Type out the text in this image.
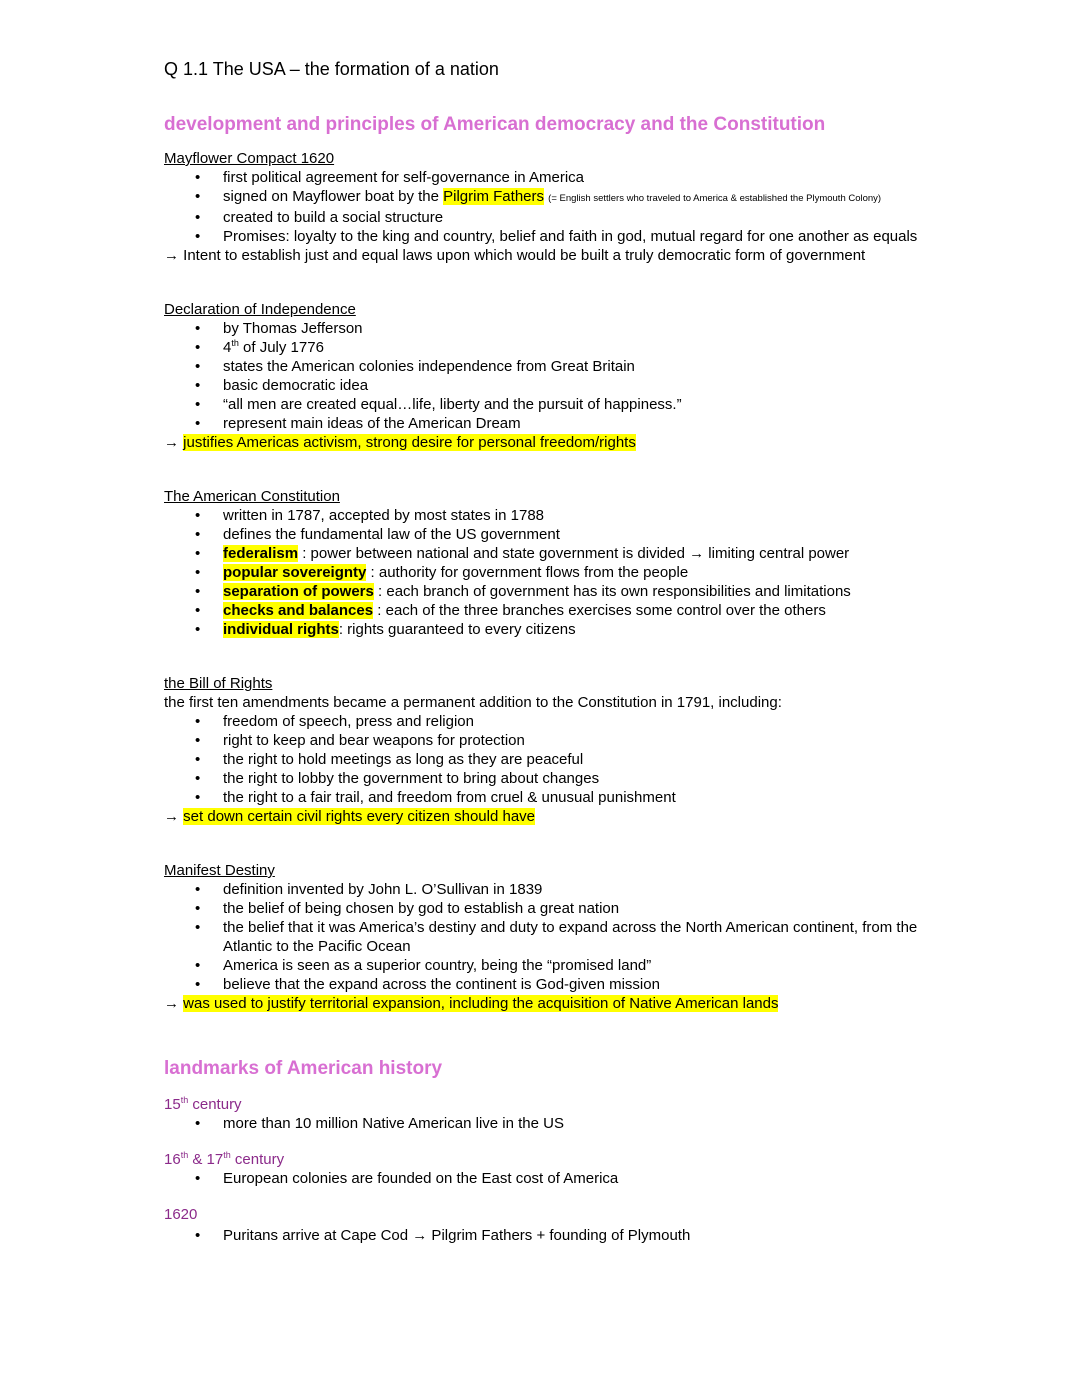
Q 1.1 The USA – the formation of a nation
development and principles of American democracy and the Constitution

Mayflower Compact 1620

• first political agreement for self-governance in America
• signed on Mayflower boat by the Pilgrim Fathers (= English settlers who traveled to America & established the Plymouth Colony)
• created to build a social structure
• Promises: loyalty to the king and country, belief and faith in god, mutual regard for one another as equals

→ Intent to establish just and equal laws upon which would be built a truly democratic form of government

Declaration of Independence

• by Thomas Jefferson
• 4th of July 1776
• states the American colonies independence from Great Britain
• basic democratic idea
• “all men are created equal…life, liberty and the pursuit of happiness.”
• represent main ideas of the American Dream

→ justifies Americas activism, strong desire for personal freedom/rights

The American Constitution

• written in 1787, accepted by most states in 1788
• defines the fundamental law of the US government
• federalism : power between national and state government is divided → limiting central power
• popular sovereignty : authority for government flows from the people
• separation of powers : each branch of government has its own responsibilities and limitations
• checks and balances : each of the three branches exercises some control over the others
• individual rights: rights guaranteed to every citizens

the Bill of Rights

the first ten amendments became a permanent addition to the Constitution in 1791, including:

• freedom of speech, press and religion
• right to keep and bear weapons for protection
• the right to hold meetings as long as they are peaceful
• the right to lobby the government to bring about changes
• the right to a fair trail, and freedom from cruel & unusual punishment

→ set down certain civil rights every citizen should have

Manifest Destiny

• definition invented by John L. O’Sullivan in 1839
• the belief of being chosen by god to establish a great nation
• the belief that it was America’s destiny and duty to expand across the North American continent, from the Atlantic to the Pacific Ocean
• America is seen as a superior country, being the “promised land”
• believe that the expand across the continent is God-given mission

→ was used to justify territorial expansion, including the acquisition of Native American lands

landmarks of American history

15th century

• more than 10 million Native American live in the US

16th & 17th century

• European colonies are founded on the East cost of America

1620

• Puritans arrive at Cape Cod → Pilgrim Fathers + founding of Plymouth
